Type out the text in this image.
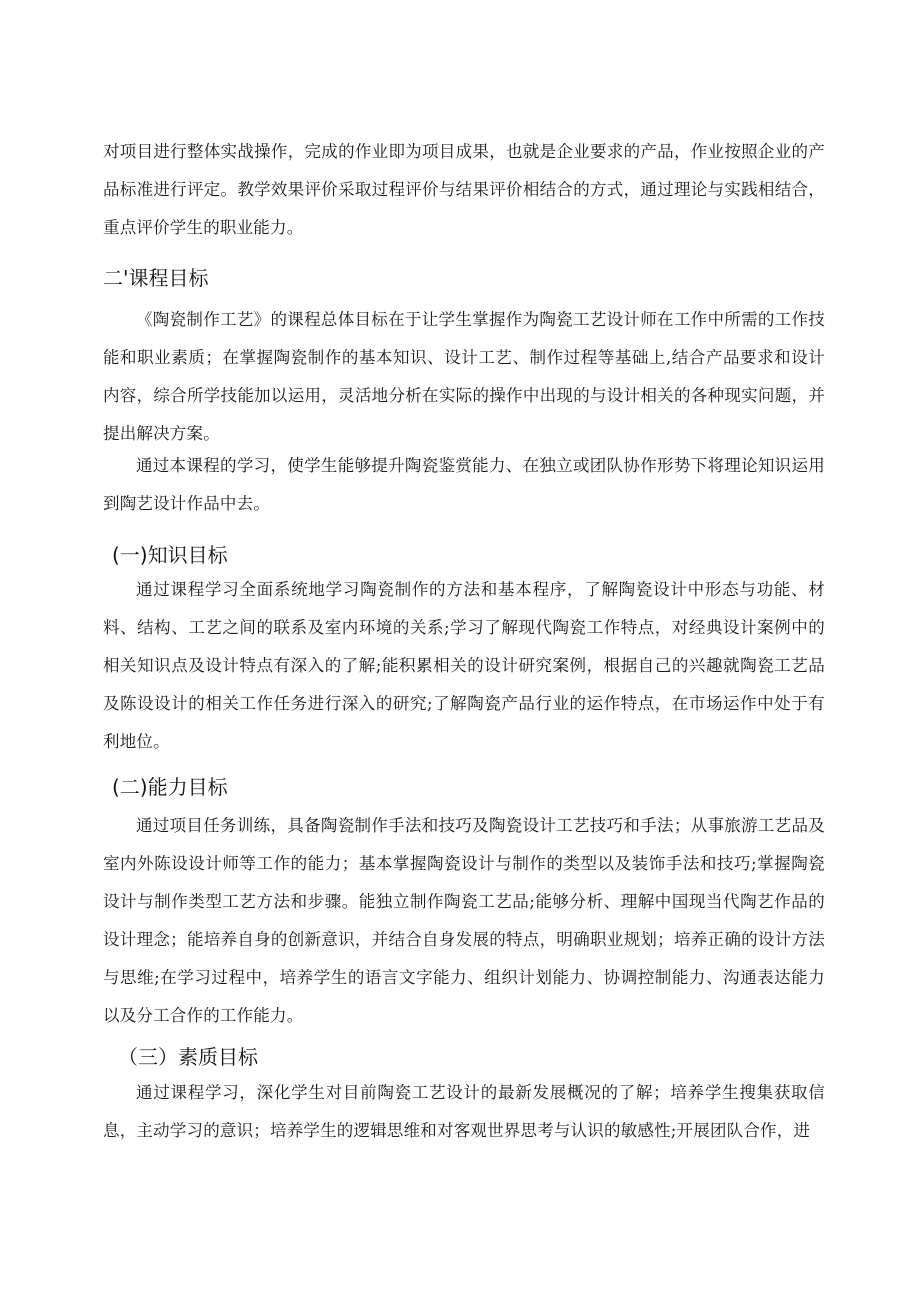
对项目进行整体实战操作，完成的作业即为项目成果，也就是企业要求的产品，作业按照企业的产品标准进行评定。教学效果评价采取过程评价与结果评价相结合的方式，通过理论与实践相结合，重点评价学生的职业能力。

二'课程目标

《陶瓷制作工艺》的课程总体目标在于让学生掌握作为陶瓷工艺设计师在工作中所需的工作技能和职业素质；在掌握陶瓷制作的基本知识、设计工艺、制作过程等基础上,结合产品要求和设计内容，综合所学技能加以运用，灵活地分析在实际的操作中出现的与设计相关的各种现实问题，并提出解决方案。

通过本课程的学习，使学生能够提升陶瓷鉴赏能力、在独立或团队协作形势下将理论知识运用到陶艺设计作品中去。

(一)知识目标

通过课程学习全面系统地学习陶瓷制作的方法和基本程序，了解陶瓷设计中形态与功能、材料、结构、工艺之间的联系及室内环境的关系;学习了解现代陶瓷工作特点，对经典设计案例中的相关知识点及设计特点有深入的了解;能积累相关的设计研究案例，根据自己的兴趣就陶瓷工艺品及陈设设计的相关工作任务进行深入的研究;了解陶瓷产品行业的运作特点，在市场运作中处于有利地位。

(二)能力目标

通过项目任务训练，具备陶瓷制作手法和技巧及陶瓷设计工艺技巧和手法；从事旅游工艺品及室内外陈设设计师等工作的能力；基本掌握陶瓷设计与制作的类型以及装饰手法和技巧;掌握陶瓷设计与制作类型工艺方法和步骤。能独立制作陶瓷工艺品;能够分析、理解中国现当代陶艺作品的设计理念；能培养自身的创新意识，并结合自身发展的特点，明确职业规划；培养正确的设计方法与思维;在学习过程中，培养学生的语言文字能力、组织计划能力、协调控制能力、沟通表达能力以及分工合作的工作能力。

（三）素质目标

通过课程学习，深化学生对目前陶瓷工艺设计的最新发展概况的了解；培养学生搜集获取信息，主动学习的意识；培养学生的逻辑思维和对客观世界思考与认识的敏感性;开展团队合作，进
